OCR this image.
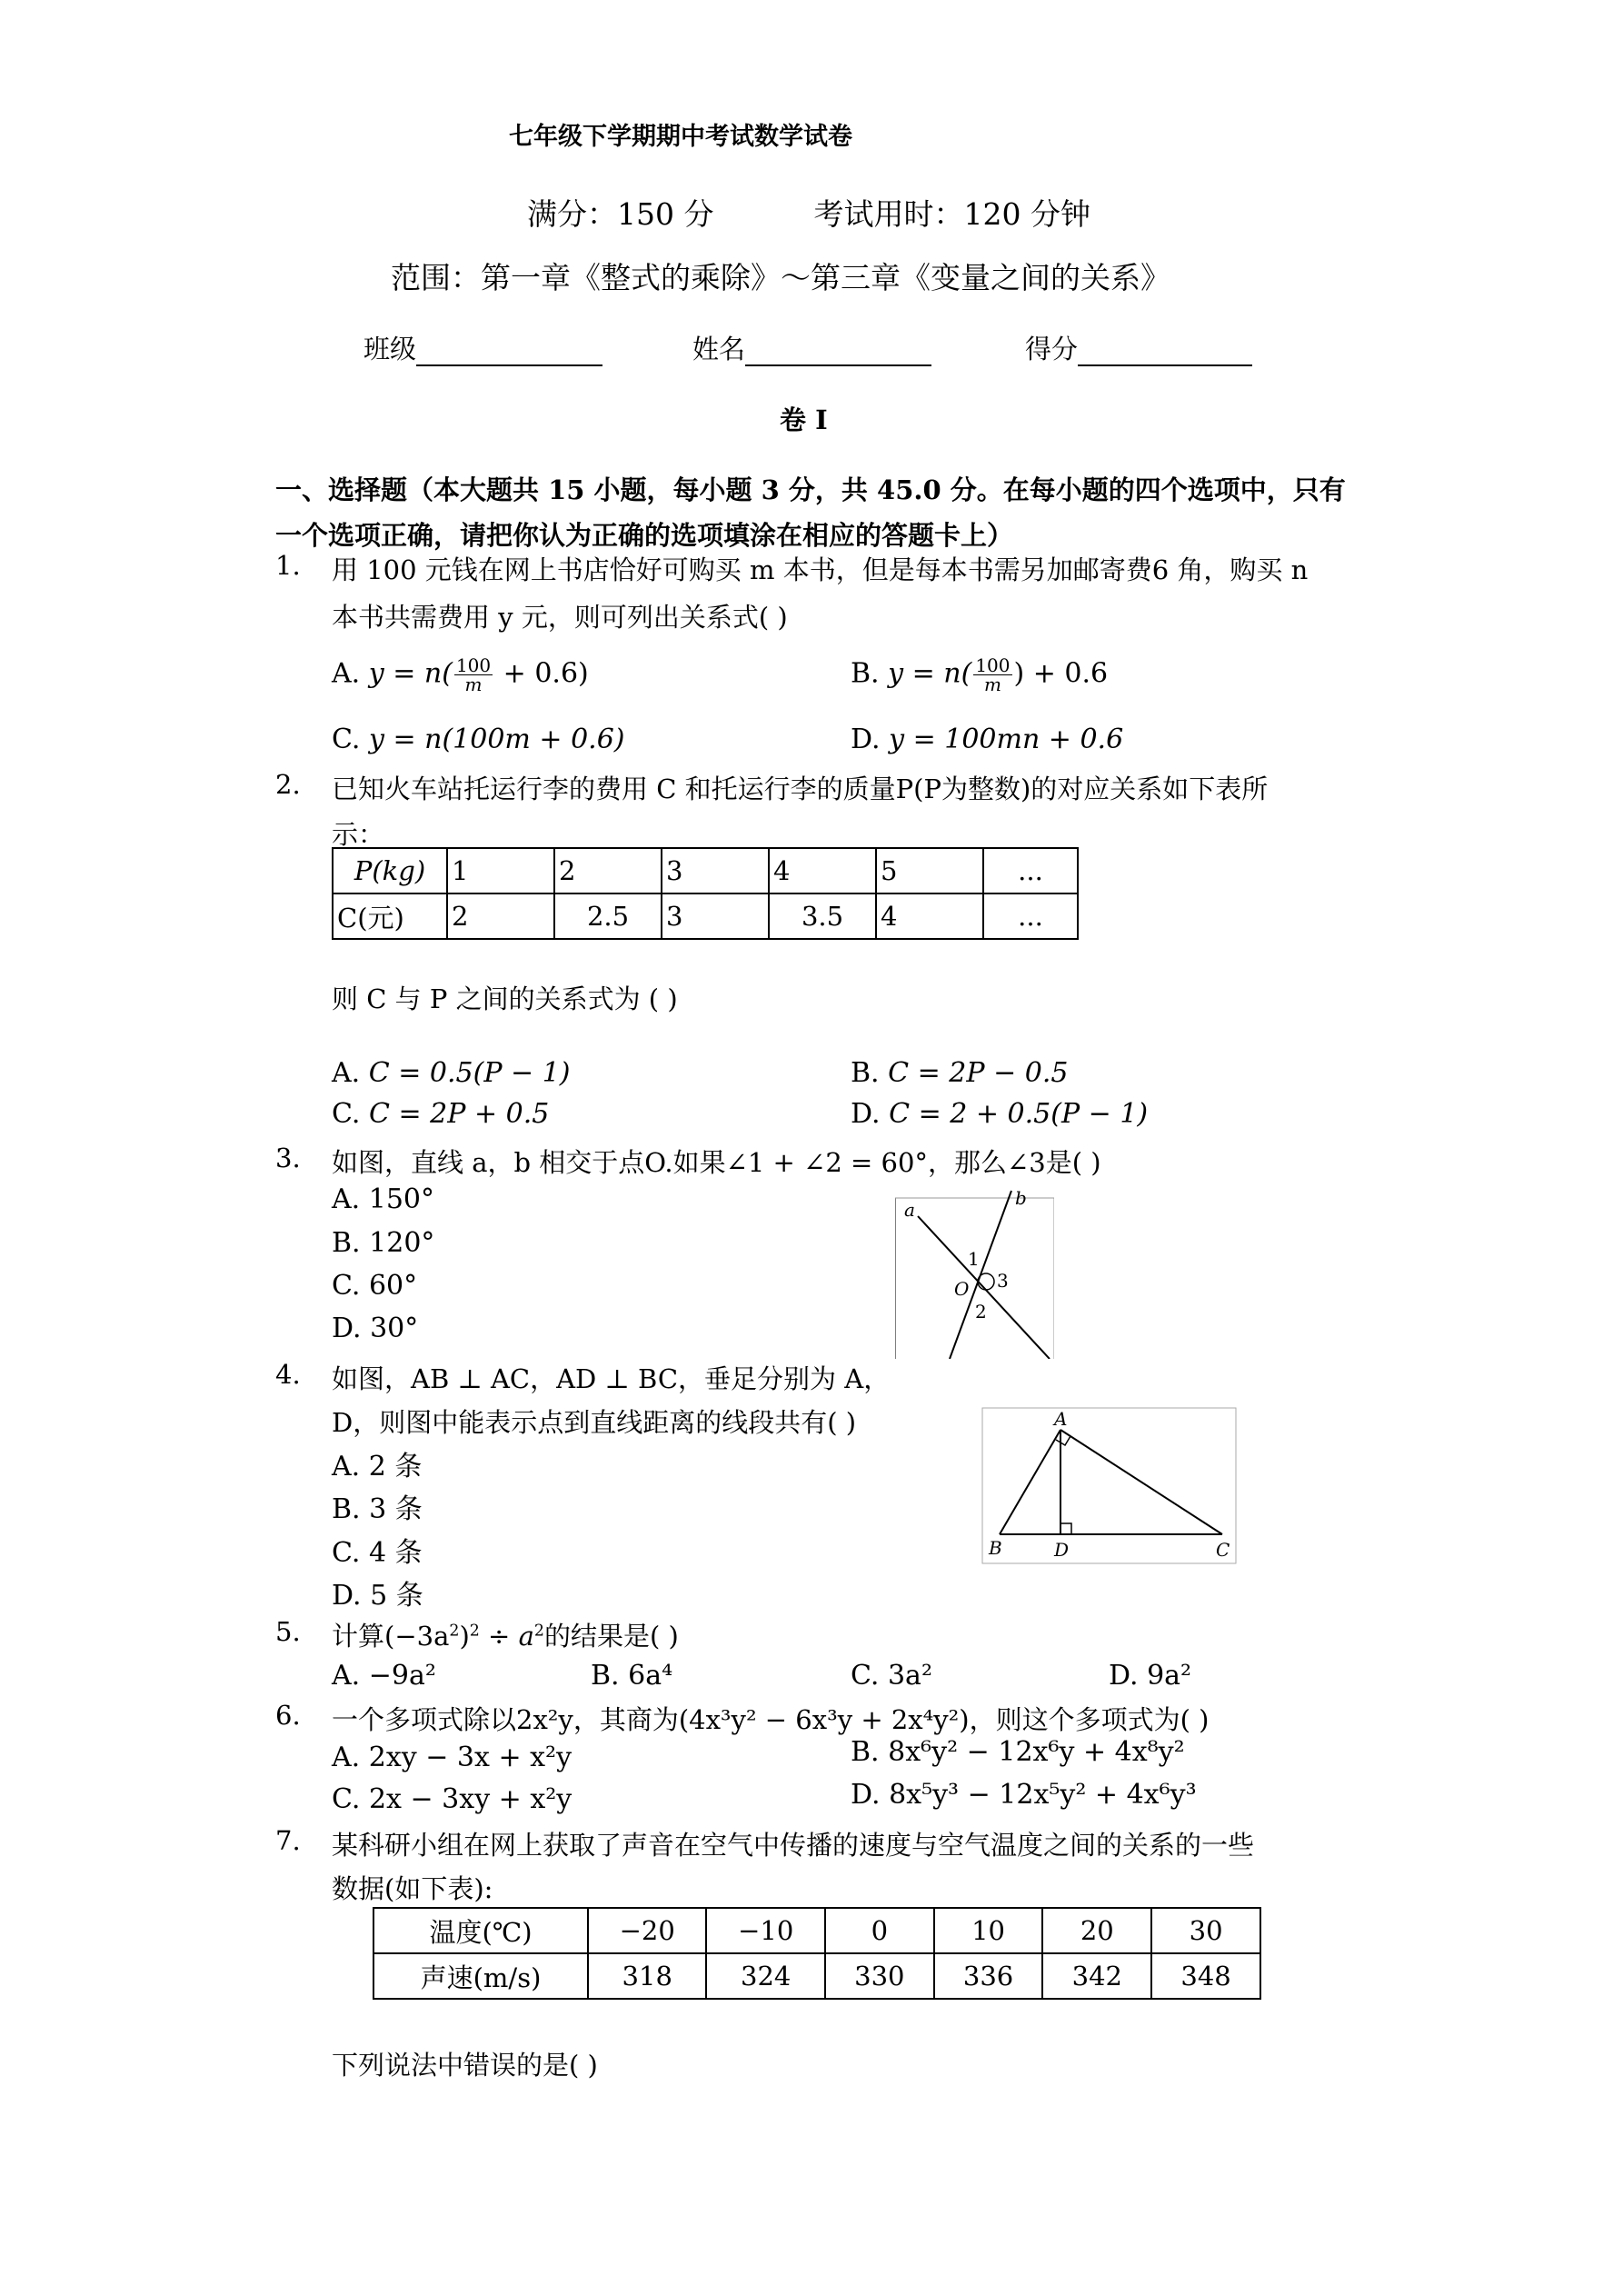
七年级下学期期中考试数学试卷
满分：150 分	考试用时：120 分钟
范围：第一章《整式的乘除》～第三章《变量之间的关系》
班级	姓名	得分
卷 I
一、选择题（本大题共 15 小题，每小题 3 分，共 45.0 分。在每小题的四个选项中，只有一个选项正确，请把你认为正确的选项填涂在相应的答题卡上）
1. 用 100 元钱在网上书店恰好可购买 m 本书，但是每本书需另加邮寄费6 角，购买 n
本书共需费用 y 元，则可列出关系式( )
A. $y = n( \frac{100}{m} + 0.6)$	B. $y = n( \frac{100}{m}$ ) + 0.6
C. y = n(100m + 0.6)	D. y = 100mn + 0.6
2. 已知火车站托运行李的费用 C 和托运行李的质量P(P为整数)的对应关系如下表所
示：
P(kg)	1	2	3	4	5	...
C(元)	2	2.5	3	3.5	4	...
则 C 与 P 之间的关系式为 ( )
A. C = 0.5(P − 1)	B. C = 2P − 0.5
C. C = 2P + 0.5	D. C = 2 + 0.5(P − 1)
3. 如图，直线 a，b 相交于点O.如果∠1 + ∠2 = 60°，那么∠3是( )
A. 150°
B. 120°
C. 60°
D. 30°
a
b
O
1
2
3
4. 如图，AB ⊥ AC，AD ⊥ BC，垂足分别为 A，
D，则图中能表示点到直线距离的线段共有( )
A. 2 条
B. 3 条
C. 4 条
D. 5 条
A
B	D	C
5. 计算$(-3a^2)^2 \div a^2$的结果是( )
A. −9a²	B. 6a⁴	C. 3a²	D. 9a²
6. 一个多项式除以2x²y，其商为(4x³y² − 6x³y + 2x⁴y²)，则这个多项式为( )
A. 2xy − 3x + x²y	B. 8x⁶y² − 12x⁶y + 4x⁸y²
C. 2x − 3xy + x²y	D. 8x⁵y³ − 12x⁵y² + 4x⁶y³
7. 某科研小组在网上获取了声音在空气中传播的速度与空气温度之间的关系的一些
数据(如下表):
温度(℃)	−20	−10	0	10	20	30
声速(m/s)	318	324	330	336	342	348
下列说法中错误的是( )
